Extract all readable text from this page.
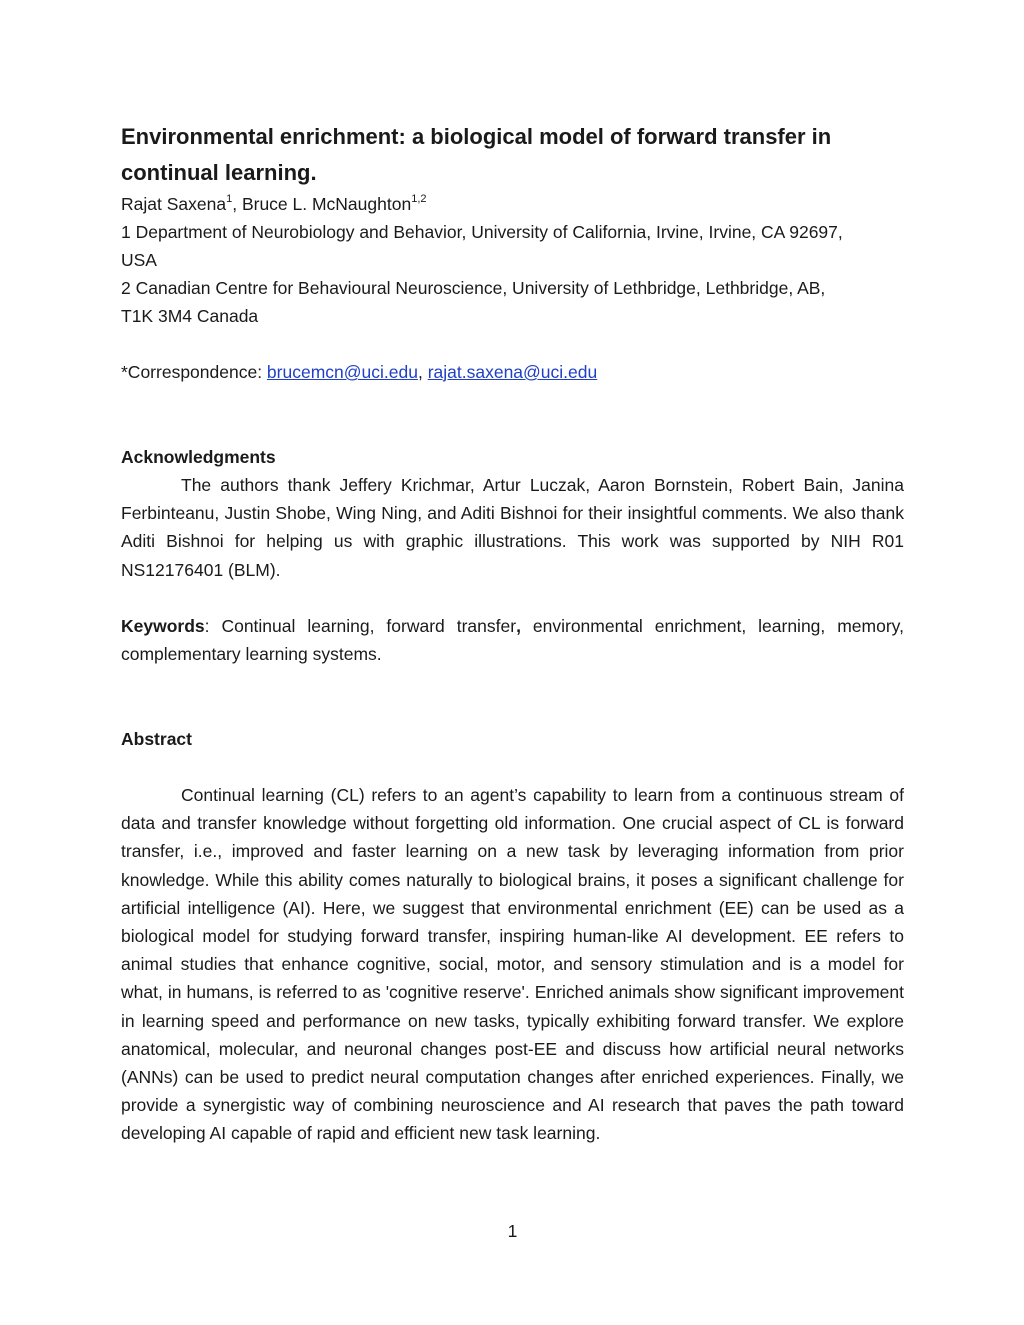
Environmental enrichment: a biological model of forward transfer in continual learning.
Rajat Saxena$^1$, Bruce L. McNaughton$^{1,2}$
1 Department of Neurobiology and Behavior, University of California, Irvine, Irvine, CA 92697,
USA
2 Canadian Centre for Behavioural Neuroscience, University of Lethbridge, Lethbridge, AB,
T1K 3M4 Canada
*Correspondence: brucemcn@uci.edu, rajat.saxena@uci.edu
Acknowledgments

The authors thank Jeffery Krichmar, Artur Luczak, Aaron Bornstein, Robert Bain, Janina Ferbinteanu, Justin Shobe, Wing Ning, and Aditi Bishnoi for their insightful comments. We also thank Aditi Bishnoi for helping us with graphic illustrations. This work was supported by NIH R01 NS12176401 (BLM).

Keywords: Continual learning, forward transfer, environmental enrichment, learning, memory, complementary learning systems.

Abstract

Continual learning (CL) refers to an agent’s capability to learn from a continuous stream of data and transfer knowledge without forgetting old information. One crucial aspect of CL is forward transfer, i.e., improved and faster learning on a new task by leveraging information from prior knowledge. While this ability comes naturally to biological brains, it poses a significant challenge for artificial intelligence (AI). Here, we suggest that environmental enrichment (EE) can be used as a biological model for studying forward transfer, inspiring human-like AI development. EE refers to animal studies that enhance cognitive, social, motor, and sensory stimulation and is a model for what, in humans, is referred to as 'cognitive reserve'. Enriched animals show significant improvement in learning speed and performance on new tasks, typically exhibiting forward transfer. We explore anatomical, molecular, and neuronal changes post-EE and discuss how artificial neural networks (ANNs) can be used to predict neural computation changes after enriched experiences. Finally, we provide a synergistic way of combining neuroscience and AI research that paves the path toward developing AI capable of rapid and efficient new task learning.

1
